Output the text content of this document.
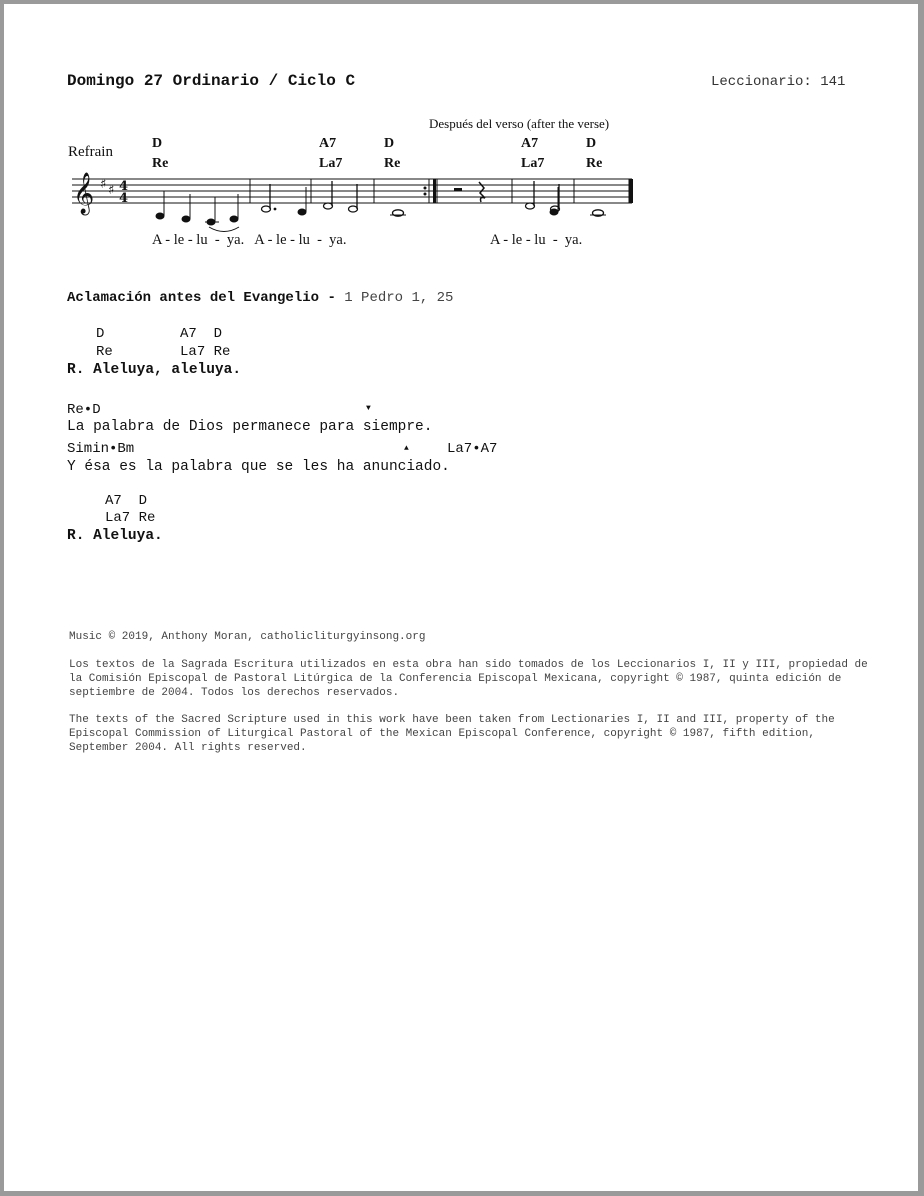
Domingo 27 Ordinario / Ciclo C	Leccionario: 141
Refrain
Después del verso (after the verse)
D
Re
A7
La7
D
Re
A7
La7
D
Re
𝄞 ♯ ♯ 4
4
A - le - lu  -  ya.   A - le - lu  -  ya.	A - le - lu  -  ya.
Aclamación antes del Evangelio - 1 Pedro 1, 25
D         A7  D
Re        La7 Re
R. Aleluya, aleluya.
Re•D	▼
La palabra de Dios permanece para siempre.
Simin•Bm	▲	La7•A7
Y ésa es la palabra que se les ha anunciado.
A7  D
La7 Re
R. Aleluya.
Music © 2019, Anthony Moran, catholicliturgyinsong.org
Los textos de la Sagrada Escritura utilizados en esta obra han sido tomados de los Leccionarios I, II y III, propiedad de la Comisión Episcopal de Pastoral Litúrgica de la Conferencia Episcopal Mexicana, copyright © 1987, quinta edición de septiembre de 2004. Todos los derechos reservados.
The texts of the Sacred Scripture used in this work have been taken from Lectionaries I, II and III, property of the Episcopal Commission of Liturgical Pastoral of the Mexican Episcopal Conference, copyright © 1987, fifth edition, September 2004. All rights reserved.
